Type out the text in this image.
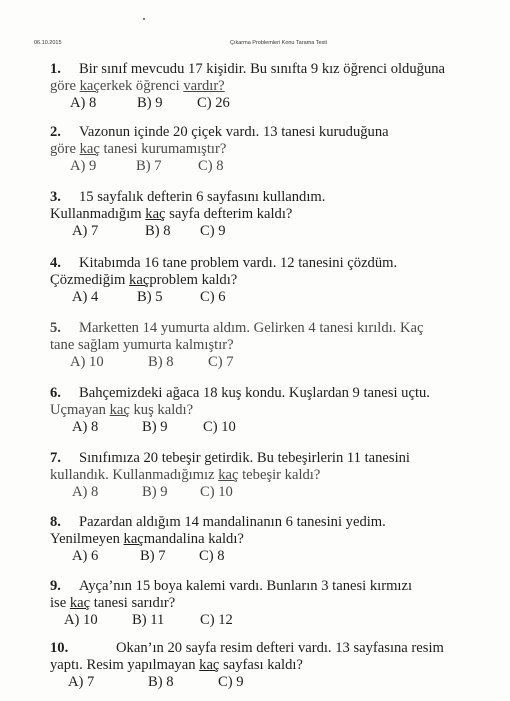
06.10.2015	Çıkarma Problemleri Konu Tarama Testi
1. Bir sınıf mevcudu 17 kişidir. Bu sınıfta 9 kız öğrenci olduğuna
göre kaçerkek öğrenci vardır?
A) 8	B) 9 C) 26
2. Vazonun içinde 20 çiçek vardı. 13 tanesi kuruduğuna
göre kaç tanesi kurumamıştır?
A) 9	B) 7 C) 8
3. 15 sayfalık defterin 6 sayfasını kullandım.
Kullanmadığım kaç sayfa defterim kaldı?
A) 7	B) 8 C) 9
4. Kitabımda 16 tane problem vardı. 12 tanesini çözdüm.
Çözmediğim kaçproblem kaldı?
A) 4	B) 5	C) 6
5. Marketten 14 yumurta aldım. Gelirken 4 tanesi kırıldı. Kaç
tane sağlam yumurta kalmıştır?
A) 10	B) 8 C) 7
6. Bahçemizdeki ağaca 18 kuş kondu. Kuşlardan 9 tanesi uçtu.
Uçmayan kaç kuş kaldı?
A) 8	B) 9 C) 10
7. Sınıfımıza 20 tebeşir getirdik. Bu tebeşirlerin 11 tanesini
kullandık. Kullanmadığımız kaç tebeşir kaldı?
A) 8	B) 9 C) 10
8. Pazardan aldığım 14 mandalinanın 6 tanesini yedim.
Yenilmeyen kaçmandalina kaldı?
A) 6	B) 7 C) 8
9. Ayça’nın 15 boya kalemi vardı. Bunların 3 tanesi kırmızı
ise kaç tanesi sarıdır?
A) 10 B) 11 C) 12
10.	Okan’ın 20 sayfa resim defteri vardı. 13 sayfasına resim
yaptı. Resim yapılmayan kaç sayfası kaldı?
A) 7	B) 8	C) 9
